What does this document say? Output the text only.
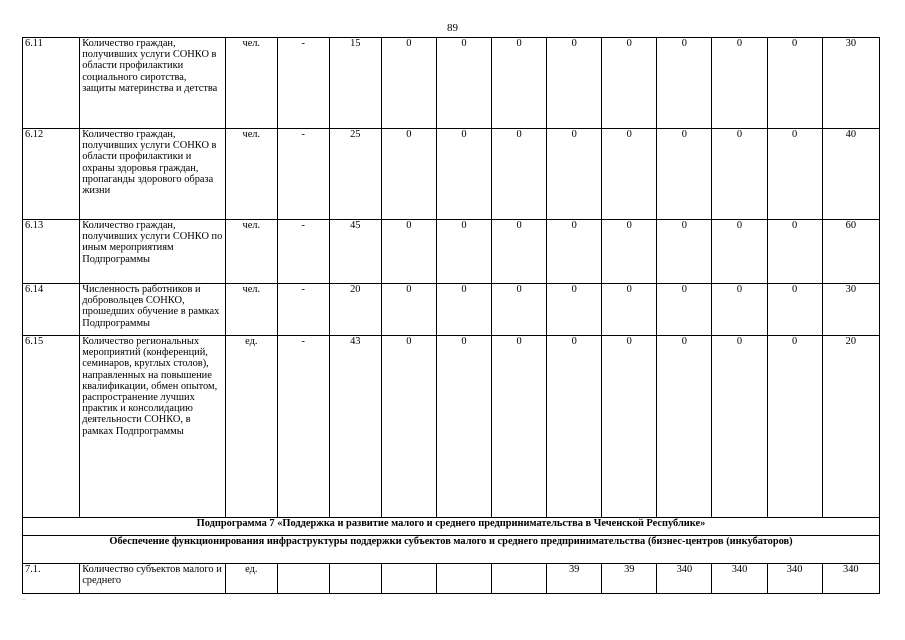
89
6.11	Количество граждан, получивших услуги СОНКО в области профилактики социального сиротства, защиты материнства и детства	чел.	-	15	0	0	0	0	0	0	0	0	30
6.12	Количество граждан, получивших услуги СОНКО в области профилактики и охраны здоровья граждан, пропаганды здорового образа жизни	чел.	-	25	0	0	0	0	0	0	0	0	40
6.13	Количество граждан, получивших услуги СОНКО по иным мероприятиям Подпрограммы	чел.	-	45	0	0	0	0	0	0	0	0	60
6.14	Численность работников и добровольцев СОНКО, прошедших обучение в рамках Подпрограммы	чел.	-	20	0	0	0	0	0	0	0	0	30
6.15	Количество региональных мероприятий (конференций, семинаров, круглых столов), направленных на повышение квалификации, обмен опытом, распространение лучших практик и консолидацию деятельности СОНКО, в рамках Подпрограммы	ед.	-	43	0	0	0	0	0	0	0	0	20
Подпрограмма 7 «Поддержка и развитие малого и среднего предпринимательства в Чеченской Республике»													
Обеспечение функционирования инфраструктуры поддержки субъектов малого и среднего предпринимательства (бизнес-центров (инкубаторов)													
7.1.	Количество субъектов малого и среднего	ед.						39	39	340	340	340	340
···
